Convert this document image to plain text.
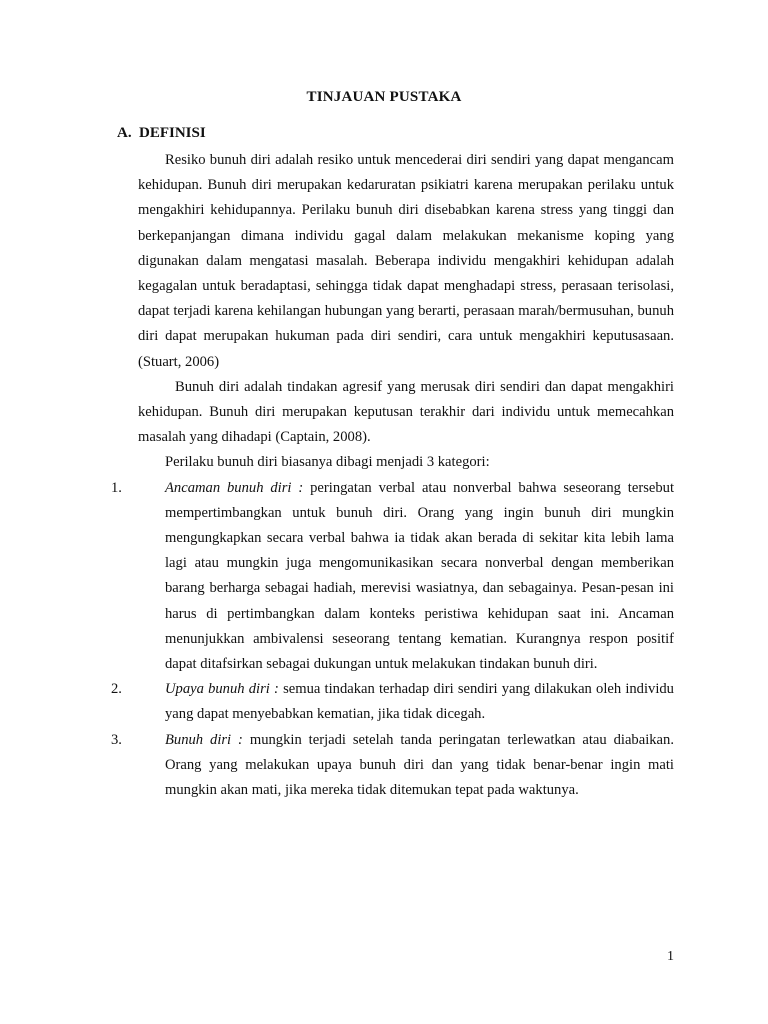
TINJAUAN PUSTAKA
A. DEFINISI

Resiko bunuh diri adalah resiko untuk mencederai diri sendiri yang dapat mengancam kehidupan. Bunuh diri merupakan kedaruratan psikiatri karena merupakan perilaku untuk mengakhiri kehidupannya. Perilaku bunuh diri disebabkan karena stress yang tinggi dan berkepanjangan dimana individu gagal dalam melakukan mekanisme koping yang digunakan dalam mengatasi masalah. Beberapa individu mengakhiri kehidupan adalah kegagalan untuk beradaptasi, sehingga tidak dapat menghadapi stress, perasaan terisolasi, dapat terjadi karena kehilangan hubungan yang berarti, perasaan marah/bermusuhan, bunuh diri dapat merupakan hukuman pada diri sendiri, cara untuk mengakhiri keputusasaan. (Stuart, 2006)

Bunuh diri adalah tindakan agresif yang merusak diri sendiri dan dapat mengakhiri kehidupan. Bunuh diri merupakan keputusan terakhir dari individu untuk memecahkan masalah yang dihadapi (Captain, 2008).

Perilaku bunuh diri biasanya dibagi menjadi 3 kategori:

1.	Ancaman bunuh diri : peringatan verbal atau nonverbal bahwa seseorang tersebut mempertimbangkan untuk bunuh diri. Orang yang ingin bunuh diri mungkin mengungkapkan secara verbal bahwa ia tidak akan berada di sekitar kita lebih lama lagi atau mungkin juga mengomunikasikan secara nonverbal dengan memberikan barang berharga sebagai hadiah, merevisi wasiatnya, dan sebagainya. Pesan-pesan ini harus di pertimbangkan dalam konteks peristiwa kehidupan saat ini. Ancaman menunjukkan ambivalensi seseorang tentang kematian. Kurangnya respon positif dapat ditafsirkan sebagai dukungan untuk melakukan tindakan bunuh diri.
2.	Upaya bunuh diri : semua tindakan terhadap diri sendiri yang dilakukan oleh individu yang dapat menyebabkan kematian, jika tidak dicegah.
3.	Bunuh diri : mungkin terjadi setelah tanda peringatan terlewatkan atau diabaikan. Orang yang melakukan upaya bunuh diri dan yang tidak benar-benar ingin mati mungkin akan mati, jika mereka tidak ditemukan tepat pada waktunya.
1
